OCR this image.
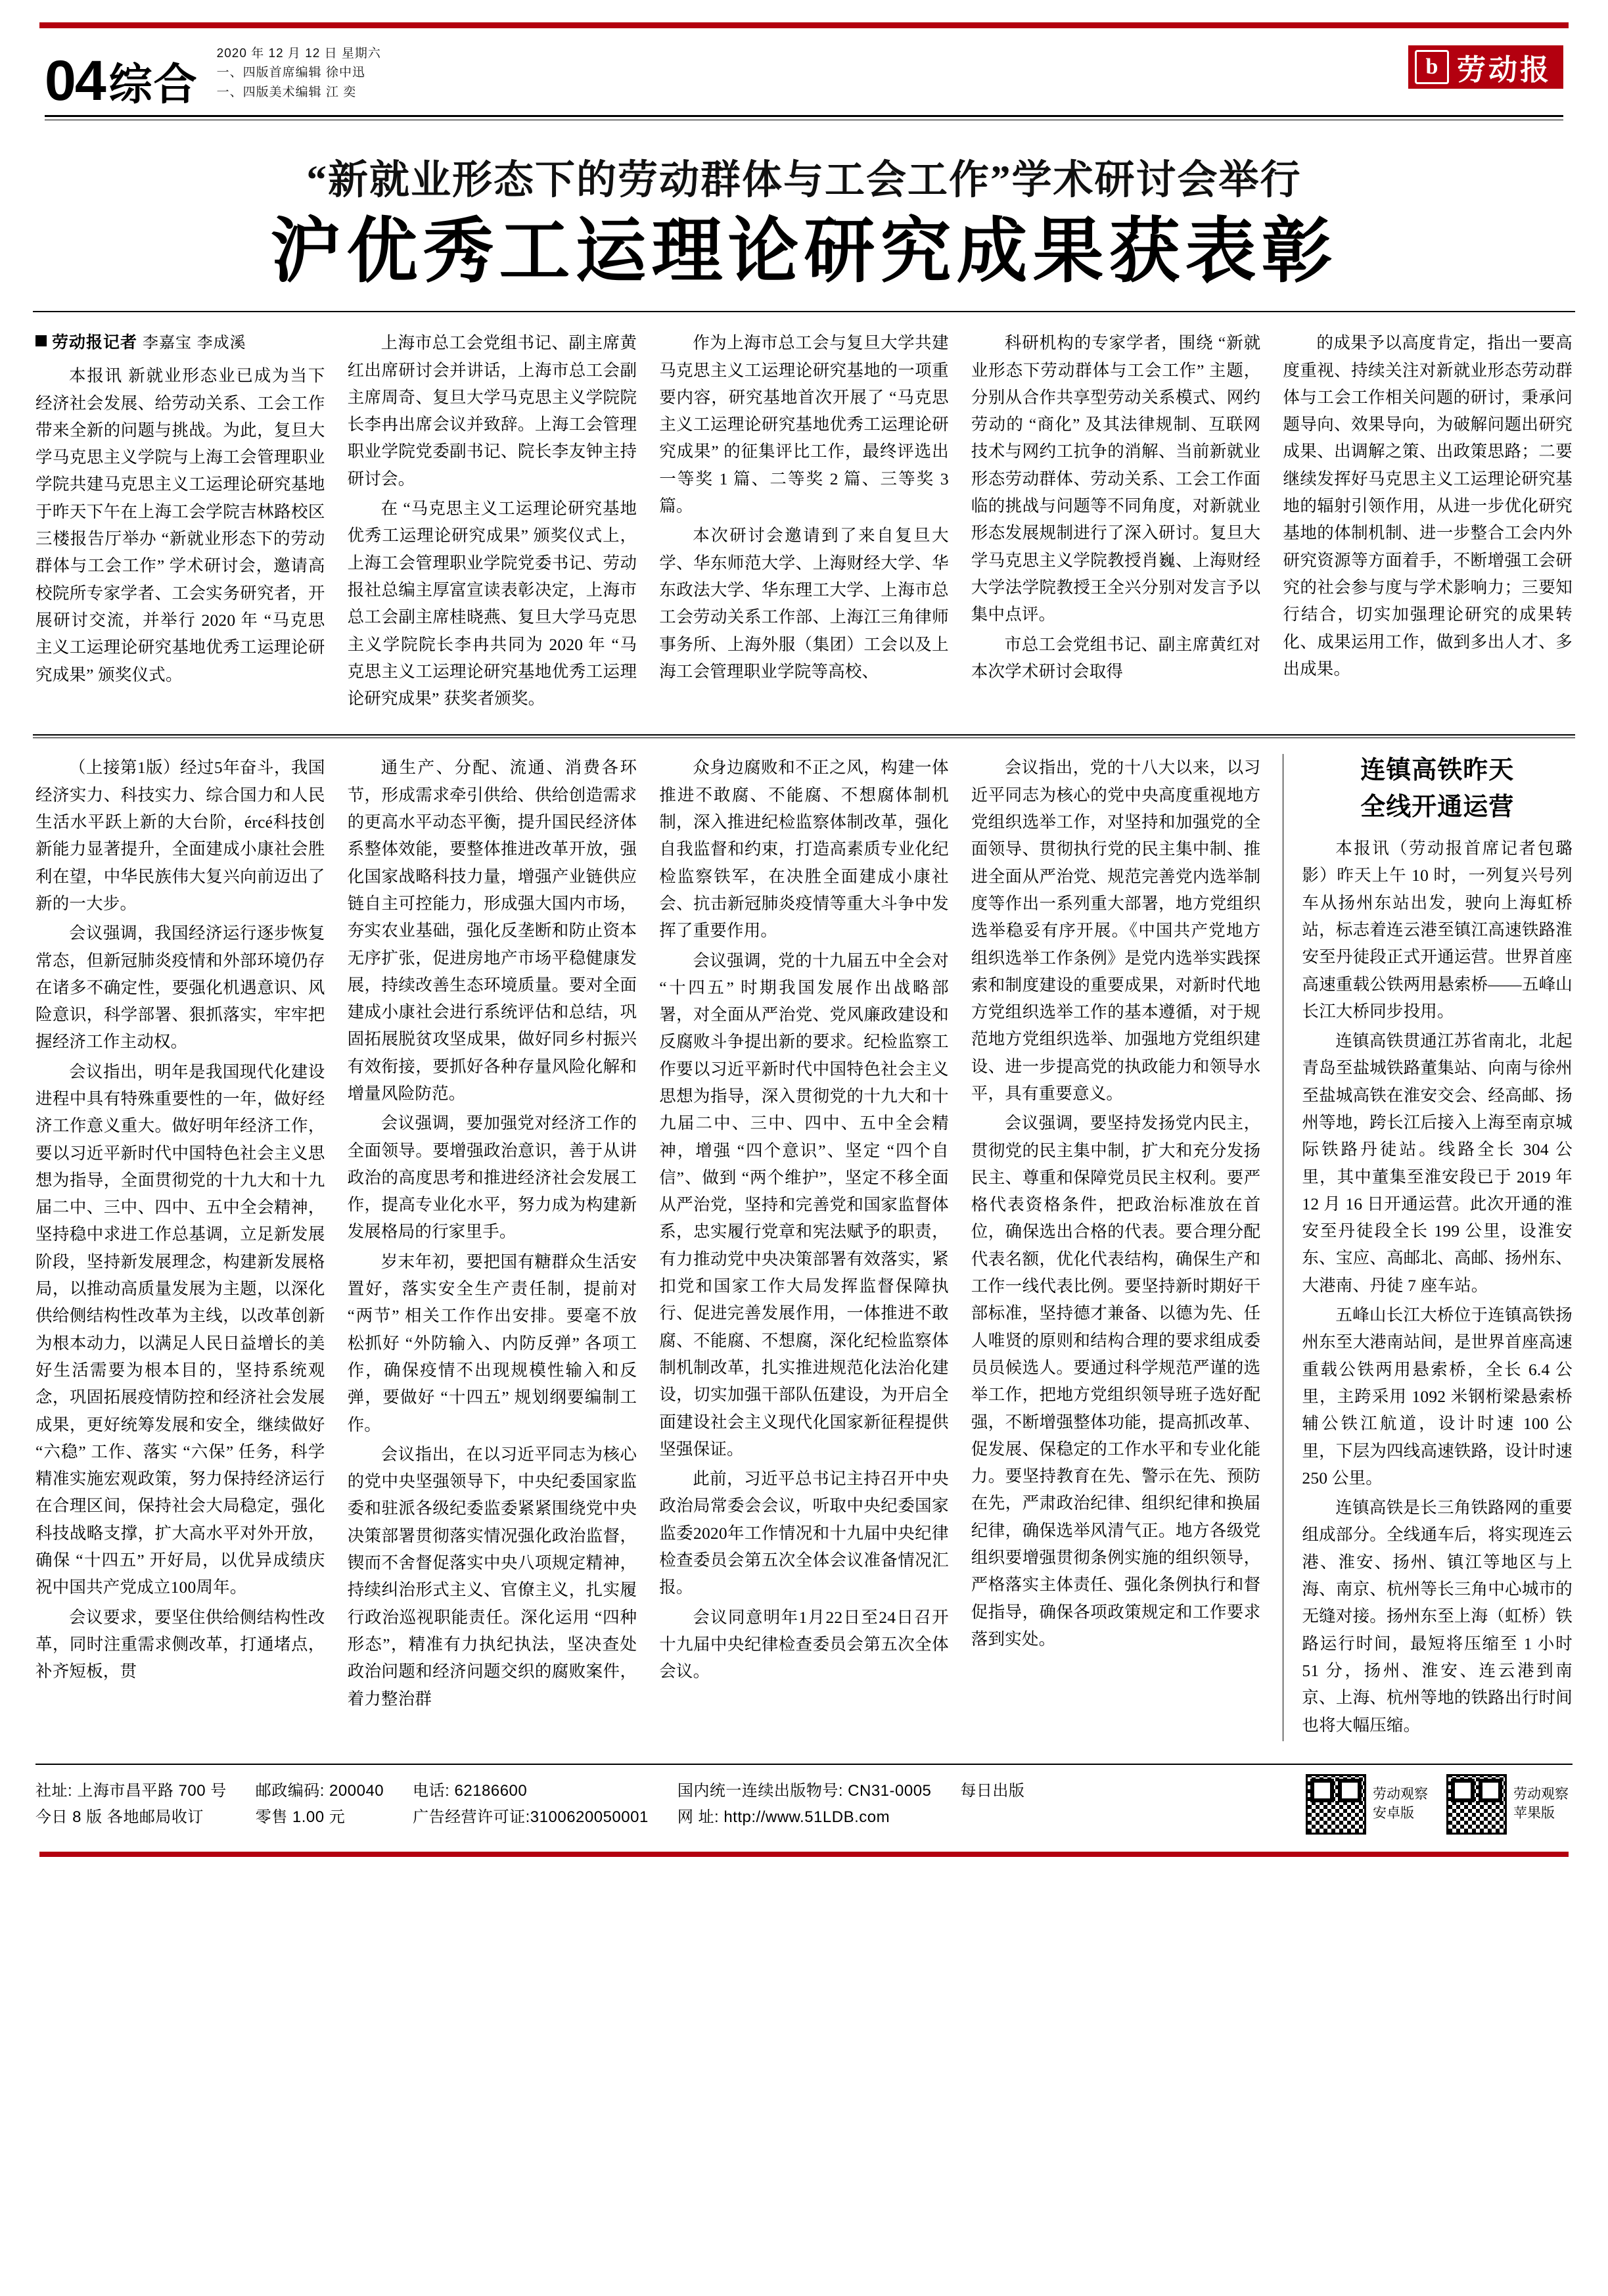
04 综合
2020 年 12 月 12 日 星期六
一、四版首席编辑 徐中迅
一、四版美术编辑 江 奕
b 劳动报
“新就业形态下的劳动群体与工会工作”学术研讨会举行
沪优秀工运理论研究成果获表彰
劳动报记者 李嘉宝 李成溪

本报讯 新就业形态业已成为当下经济社会发展、给劳动关系、工会工作带来全新的问题与挑战。为此，复旦大学马克思主义学院与上海工会管理职业学院共建马克思主义工运理论研究基地于昨天下午在上海工会学院吉林路校区三楼报告厅举办 “新就业形态下的劳动群体与工会工作” 学术研讨会，邀请高校院所专家学者、工会实务研究者，开展研讨交流，并举行 2020 年 “马克思主义工运理论研究基地优秀工运理论研究成果” 颁奖仪式。

上海市总工会党组书记、副主席黄红出席研讨会并讲话，上海市总工会副主席周奇、复旦大学马克思主义学院院长李冉出席会议并致辞。上海工会管理职业学院党委副书记、院长李友钟主持研讨会。

在 “马克思主义工运理论研究基地优秀工运理论研究成果” 颁奖仪式上，上海工会管理职业学院党委书记、劳动报社总编主厚富宣读表彰决定，上海市总工会副主席桂晓燕、复旦大学马克思主义学院院长李冉共同为 2020 年 “马克思主义工运理论研究基地优秀工运理论研究成果” 获奖者颁奖。

作为上海市总工会与复旦大学共建马克思主义工运理论研究基地的一项重要内容，研究基地首次开展了 “马克思主义工运理论研究基地优秀工运理论研究成果” 的征集评比工作，最终评选出一等奖 1 篇、二等奖 2 篇、三等奖 3 篇。

本次研讨会邀请到了来自复旦大学、华东师范大学、上海财经大学、华东政法大学、华东理工大学、上海市总工会劳动关系工作部、上海江三角律师事务所、上海外服（集团）工会以及上海工会管理职业学院等高校、

科研机构的专家学者，围绕 “新就业形态下劳动群体与工会工作” 主题，分别从合作共享型劳动关系模式、网约劳动的 “商化” 及其法律规制、互联网技术与网约工抗争的消解、当前新就业形态劳动群体、劳动关系、工会工作面临的挑战与问题等不同角度，对新就业形态发展规制进行了深入研讨。复旦大学马克思主义学院教授肖巍、上海财经大学法学院教授王全兴分别对发言予以集中点评。

市总工会党组书记、副主席黄红对本次学术研讨会取得

的成果予以高度肯定，指出一要高度重视、持续关注对新就业形态劳动群体与工会工作相关问题的研讨，秉承问题导向、效果导向，为破解问题出研究成果、出调解之策、出政策思路；二要继续发挥好马克思主义工运理论研究基地的辐射引领作用，从进一步优化研究基地的体制机制、进一步整合工会内外研究资源等方面着手，不断增强工会研究的社会参与度与学术影响力；三要知行结合，切实加强理论研究的成果转化、成果运用工作，做到多出人才、多出成果。

（上接第1版）经过5年奋斗，我国经济实力、科技实力、综合国力和人民生活水平跃上新的大台阶，ércé科技创新能力显著提升，全面建成小康社会胜利在望，中华民族伟大复兴向前迈出了新的一大步。

会议强调，我国经济运行逐步恢复常态，但新冠肺炎疫情和外部环境仍存在诸多不确定性，要强化机遇意识、风险意识，科学部署、狠抓落实，牢牢把握经济工作主动权。

会议指出，明年是我国现代化建设进程中具有特殊重要性的一年，做好经济工作意义重大。做好明年经济工作，要以习近平新时代中国特色社会主义思想为指导，全面贯彻党的十九大和十九届二中、三中、四中、五中全会精神，坚持稳中求进工作总基调，立足新发展阶段，坚持新发展理念，构建新发展格局，以推动高质量发展为主题，以深化供给侧结构性改革为主线，以改革创新为根本动力，以满足人民日益增长的美好生活需要为根本目的，坚持系统观念，巩固拓展疫情防控和经济社会发展成果，更好统筹发展和安全，继续做好 “六稳” 工作、落实 “六保” 任务，科学精准实施宏观政策，努力保持经济运行在合理区间，保持社会大局稳定，强化科技战略支撑，扩大高水平对外开放，确保 “十四五” 开好局，以优异成绩庆祝中国共产党成立100周年。

会议要求，要坚住供给侧结构性改革，同时注重需求侧改革，打通堵点，补齐短板，贯

通生产、分配、流通、消费各环节，形成需求牵引供给、供给创造需求的更高水平动态平衡，提升国民经济体系整体效能，要整体推进改革开放，强化国家战略科技力量，增强产业链供应链自主可控能力，形成强大国内市场，夯实农业基础，强化反垄断和防止资本无序扩张，促进房地产市场平稳健康发展，持续改善生态环境质量。要对全面建成小康社会进行系统评估和总结，巩固拓展脱贫攻坚成果，做好同乡村振兴有效衔接，要抓好各种存量风险化解和增量风险防范。

会议强调，要加强党对经济工作的全面领导。要增强政治意识，善于从讲政治的高度思考和推进经济社会发展工作，提高专业化水平，努力成为构建新发展格局的行家里手。

岁末年初，要把国有糖群众生活安置好，落实安全生产责任制，提前对 “两节” 相关工作作出安排。要毫不放松抓好 “外防输入、内防反弹” 各项工作，确保疫情不出现规模性输入和反弹，要做好 “十四五” 规划纲要编制工作。

会议指出，在以习近平同志为核心的党中央坚强领导下，中央纪委国家监委和驻派各级纪委监委紧紧围绕党中央决策部署贯彻落实情况强化政治监督，锲而不舍督促落实中央八项规定精神，持续纠治形式主义、官僚主义，扎实履行政治巡视职能责任。深化运用 “四种形态”，精准有力执纪执法，坚决查处政治问题和经济问题交织的腐败案件，着力整治群

众身边腐败和不正之风，构建一体推进不敢腐、不能腐、不想腐体制机制，深入推进纪检监察体制改革，强化自我监督和约束，打造高素质专业化纪检监察铁军，在决胜全面建成小康社会、抗击新冠肺炎疫情等重大斗争中发挥了重要作用。

会议强调，党的十九届五中全会对 “十四五” 时期我国发展作出战略部署，对全面从严治党、党风廉政建设和反腐败斗争提出新的要求。纪检监察工作要以习近平新时代中国特色社会主义思想为指导，深入贯彻党的十九大和十九届二中、三中、四中、五中全会精神，增强 “四个意识”、坚定 “四个自信”、做到 “两个维护”，坚定不移全面从严治党，坚持和完善党和国家监督体系，忠实履行党章和宪法赋予的职责，有力推动党中央决策部署有效落实，紧扣党和国家工作大局发挥监督保障执行、促进完善发展作用，一体推进不敢腐、不能腐、不想腐，深化纪检监察体制机制改革，扎实推进规范化法治化建设，切实加强干部队伍建设，为开启全面建设社会主义现代化国家新征程提供坚强保证。

此前，习近平总书记主持召开中央政治局常委会会议，听取中央纪委国家监委2020年工作情况和十九届中央纪律检查委员会第五次全体会议准备情况汇报。

会议同意明年1月22日至24日召开十九届中央纪律检查委员会第五次全体会议。

会议指出，党的十八大以来，以习近平同志为核心的党中央高度重视地方党组织选举工作，对坚持和加强党的全面领导、贯彻执行党的民主集中制、推进全面从严治党、规范完善党内选举制度等作出一系列重大部署，地方党组织选举稳妥有序开展。《中国共产党地方组织选举工作条例》是党内选举实践探索和制度建设的重要成果，对新时代地方党组织选举工作的基本遵循，对于规范地方党组织选举、加强地方党组织建设、进一步提高党的执政能力和领导水平，具有重要意义。

会议强调，要坚持发扬党内民主，贯彻党的民主集中制，扩大和充分发扬民主、尊重和保障党员民主权利。要严格代表资格条件，把政治标准放在首位，确保选出合格的代表。要合理分配代表名额，优化代表结构，确保生产和工作一线代表比例。要坚持新时期好干部标准，坚持德才兼备、以德为先、任人唯贤的原则和结构合理的要求组成委员员候选人。要通过科学规范严谨的选举工作，把地方党组织领导班子选好配强，不断增强整体功能，提高抓改革、促发展、保稳定的工作水平和专业化能力。要坚持教育在先、警示在先、预防在先，严肃政治纪律、组织纪律和换届纪律，确保选举风清气正。地方各级党组织要增强贯彻条例实施的组织领导，严格落实主体责任、强化条例执行和督促指导，确保各项政策规定和工作要求落到实处。

连镇高铁昨天
全线开通运营

本报讯（劳动报首席记者包璐影）昨天上午 10 时，一列复兴号列车从扬州东站出发，驶向上海虹桥站，标志着连云港至镇江高速铁路淮安至丹徒段正式开通运营。世界首座高速重载公铁两用悬索桥——五峰山长江大桥同步投用。

连镇高铁贯通江苏省南北，北起青岛至盐城铁路董集站、向南与徐州至盐城高铁在淮安交会、经高邮、扬州等地，跨长江后接入上海至南京城际铁路丹徒站。线路全长 304 公里，其中董集至淮安段已于 2019 年 12 月 16 日开通运营。此次开通的淮安至丹徒段全长 199 公里，设淮安东、宝应、高邮北、高邮、扬州东、大港南、丹徒 7 座车站。

五峰山长江大桥位于连镇高铁扬州东至大港南站间，是世界首座高速重载公铁两用悬索桥，全长 6.4 公里，主跨采用 1092 米钢桁梁悬索桥辅公铁江航道，设计时速 100 公里，下层为四线高速铁路，设计时速 250 公里。

连镇高铁是长三角铁路网的重要组成部分。全线通车后，将实现连云港、淮安、扬州、镇江等地区与上海、南京、杭州等长三角中心城市的无缝对接。扬州东至上海（虹桥）铁路运行时间，最短将压缩至 1 小时 51 分，扬州、淮安、连云港到南京、上海、杭州等地的铁路出行时间也将大幅压缩。

社址: 上海市昌平路 700 号
今日 8 版 各地邮局收订
邮政编码: 200040
零售 1.00 元
电话: 62186600
广告经营许可证:3100620050001
国内统一连续出版物号: CN31-0005
网 址: http://www.51LDB.com
每日出版	劳动观察
安卓版
劳动观察
苹果版
